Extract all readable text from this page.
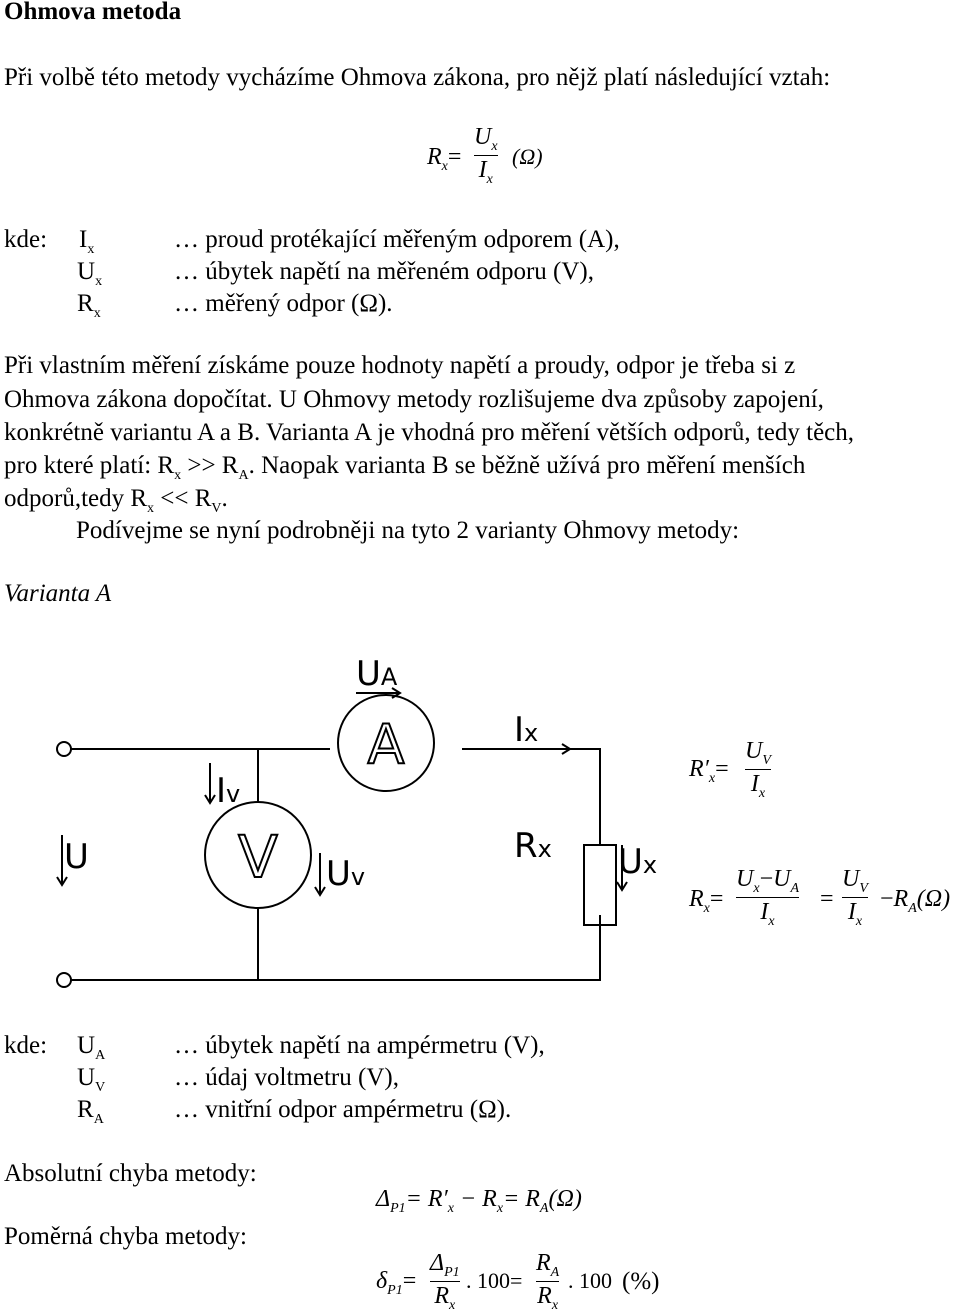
Ohmova metoda
Při volbě této metody vycházíme Ohmova zákona, pro nějž platí následující vztah:
$R_x=$
$U_x$
$I_x$
(Ω)
kde: $I_x$	… proud protékající měřeným odporem (A),
$U_x$	… úbytek napětí na měřeném odporu (V),
$R_x$	… měřený odpor (Ω).
Při vlastním měření získáme pouze hodnoty napětí a proudy, odpor je třeba si z
Ohmova zákona dopočítat. U Ohmovy metody rozlišujeme dva způsoby zapojení,
konkrétně variantu A a B. Varianta A je vhodná pro měření větších odporů, tedy těch,
pro které platí: $R_x >> R_A$. Naopak varianta B se běžně užívá pro měření menších
odporů,tedy $R_x << R_V$.
Podívejme se nyní podrobněji na tyto 2 varianty Ohmovy metody:
Varianta A
A
V
UA
Ix
Iv
U	Uv
Rx Ux
$R'_x=$
$U_V$
$I_x$
$R_x=$
$U_x-U_A$
$I_x$
=
$U_V$
$I_x$
$-R_A(\Omega)$
kde: $U_A$	… úbytek napětí na ampérmetru (V),
$U_V$	… údaj voltmetru (V),
$R_A$	… vnitřní odpor ampérmetru (Ω).
Absolutní chyba metody:
$\Delta_{P1}= R'_x - R_x= R_A(\Omega)$
Poměrná chyba metody:
$\delta_{P1}=$
$\Delta_{P1}$
$R_x$
. 100=
$R_A$
$R_x$
. 100 (%)
